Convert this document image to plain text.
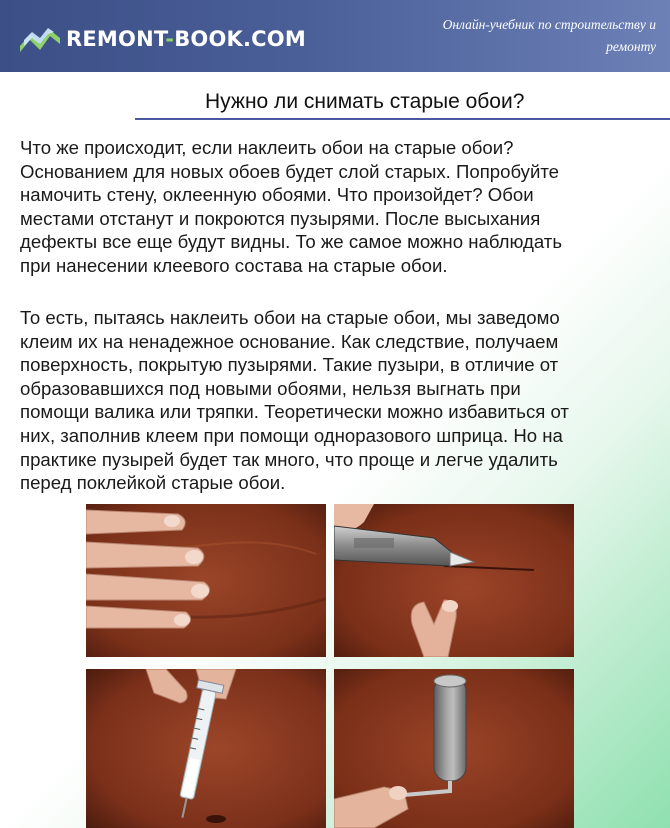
REMONT-BOOK.COM
Онлайн-учебник по строительству и
ремонту
Нужно ли снимать старые обои?
Что же происходит, если наклеить обои на старые обои?
Основанием для новых обоев будет слой старых. Попробуйте
намочить стену, оклеенную обоями. Что произойдет? Обои
местами отстанут и покроются пузырями. После высыхания
дефекты все еще будут видны. То же самое можно наблюдать
при нанесении клеевого состава на старые обои.
То есть, пытаясь наклеить обои на старые обои, мы заведомо
клеим их на ненадежное основание. Как следствие, получаем
поверхность, покрытую пузырями. Такие пузыри, в отличие от
образовавшихся под новыми обоями, нельзя выгнать при
помощи валика или тряпки. Теоретически можно избавиться от
них, заполнив клеем при помощи одноразового шприца. Но на
практике пузырей будет так много, что проще и легче удалить
перед поклейкой старые обои.
